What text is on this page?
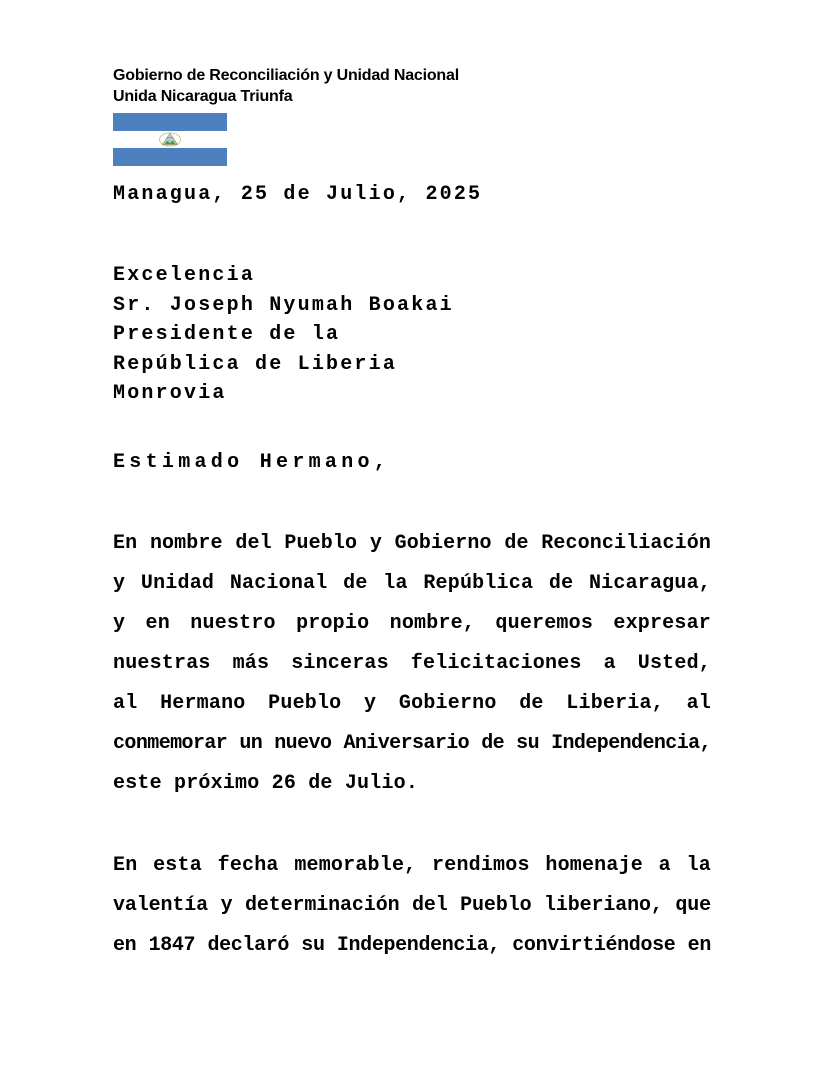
Gobierno de Reconciliación y Unidad Nacional
Unida Nicaragua Triunfa
Managua, 25 de Julio, 2025
Excelencia
Sr. Joseph Nyumah Boakai
Presidente de la
República de Liberia
Monrovia
Estimado Hermano,
En nombre del Pueblo y Gobierno de Reconciliación
y Unidad Nacional de la República de Nicaragua,
y en nuestro propio nombre, queremos expresar
nuestras más sinceras felicitaciones a Usted,
al Hermano Pueblo y Gobierno de Liberia, al
conmemorar un nuevo Aniversario de su Independencia,
este próximo 26 de Julio.
En esta fecha memorable, rendimos homenaje a la
valentía y determinación del Pueblo liberiano, que
en 1847 declaró su Independencia, convirtiéndose en
